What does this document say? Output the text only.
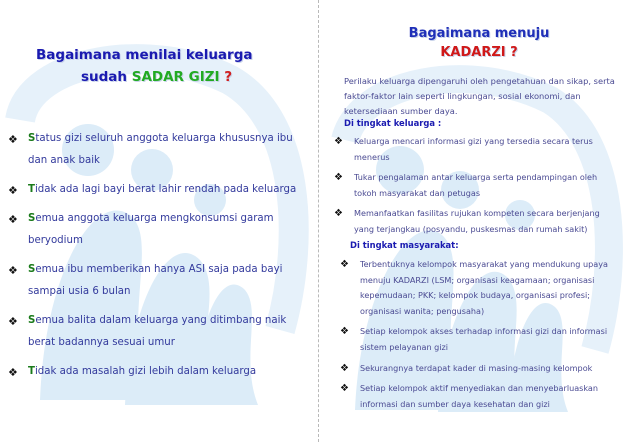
Bagaimana menilai keluarga
sudah SADAR GIZI ?
❖ Status gizi seluruh anggota keluarga khususnya ibu dan anak baik
❖ Tidak ada lagi bayi berat lahir rendah pada keluarga
❖ Semua anggota keluarga mengkonsumsi garam beryodium
❖ Semua ibu memberikan hanya ASI saja pada bayi sampai usia 6 bulan
❖ Semua balita dalam keluarga yang ditimbang naik berat badannya sesuai umur
❖ Tidak ada masalah gizi lebih dalam keluarga
Bagaimana menuju
KADARZI ?

Perilaku keluarga dipengaruhi oleh pengetahuan dan sikap, serta faktor-faktor lain seperti lingkungan, sosial ekonomi, dan ketersediaan sumber daya.

Di tingkat keluarga :
❖ Keluarga mencari informasi gizi yang tersedia secara terus menerus
❖ Tukar pengalaman antar keluarga serta pendampingan oleh tokoh masyarakat dan petugas
❖ Memanfaatkan fasilitas rujukan kompeten secara berjenjang yang terjangkau (posyandu, puskesmas dan rumah sakit)
Di tingkat masyarakat:
❖ Terbentuknya kelompok masyarakat yang mendukung upaya menuju KADARZI (LSM; organisasi keagamaan; organisasi kepemudaan; PKK; kelompok budaya, organisasi profesi; organisasi wanita; pengusaha)
❖ Setiap kelompok akses terhadap informasi gizi dan informasi sistem pelayanan gizi
❖ Sekurangnya terdapat kader di masing-masing kelompok
❖ Setiap kelompok aktif menyediakan dan menyebarluaskan informasi dan sumber daya kesehatan dan gizi
